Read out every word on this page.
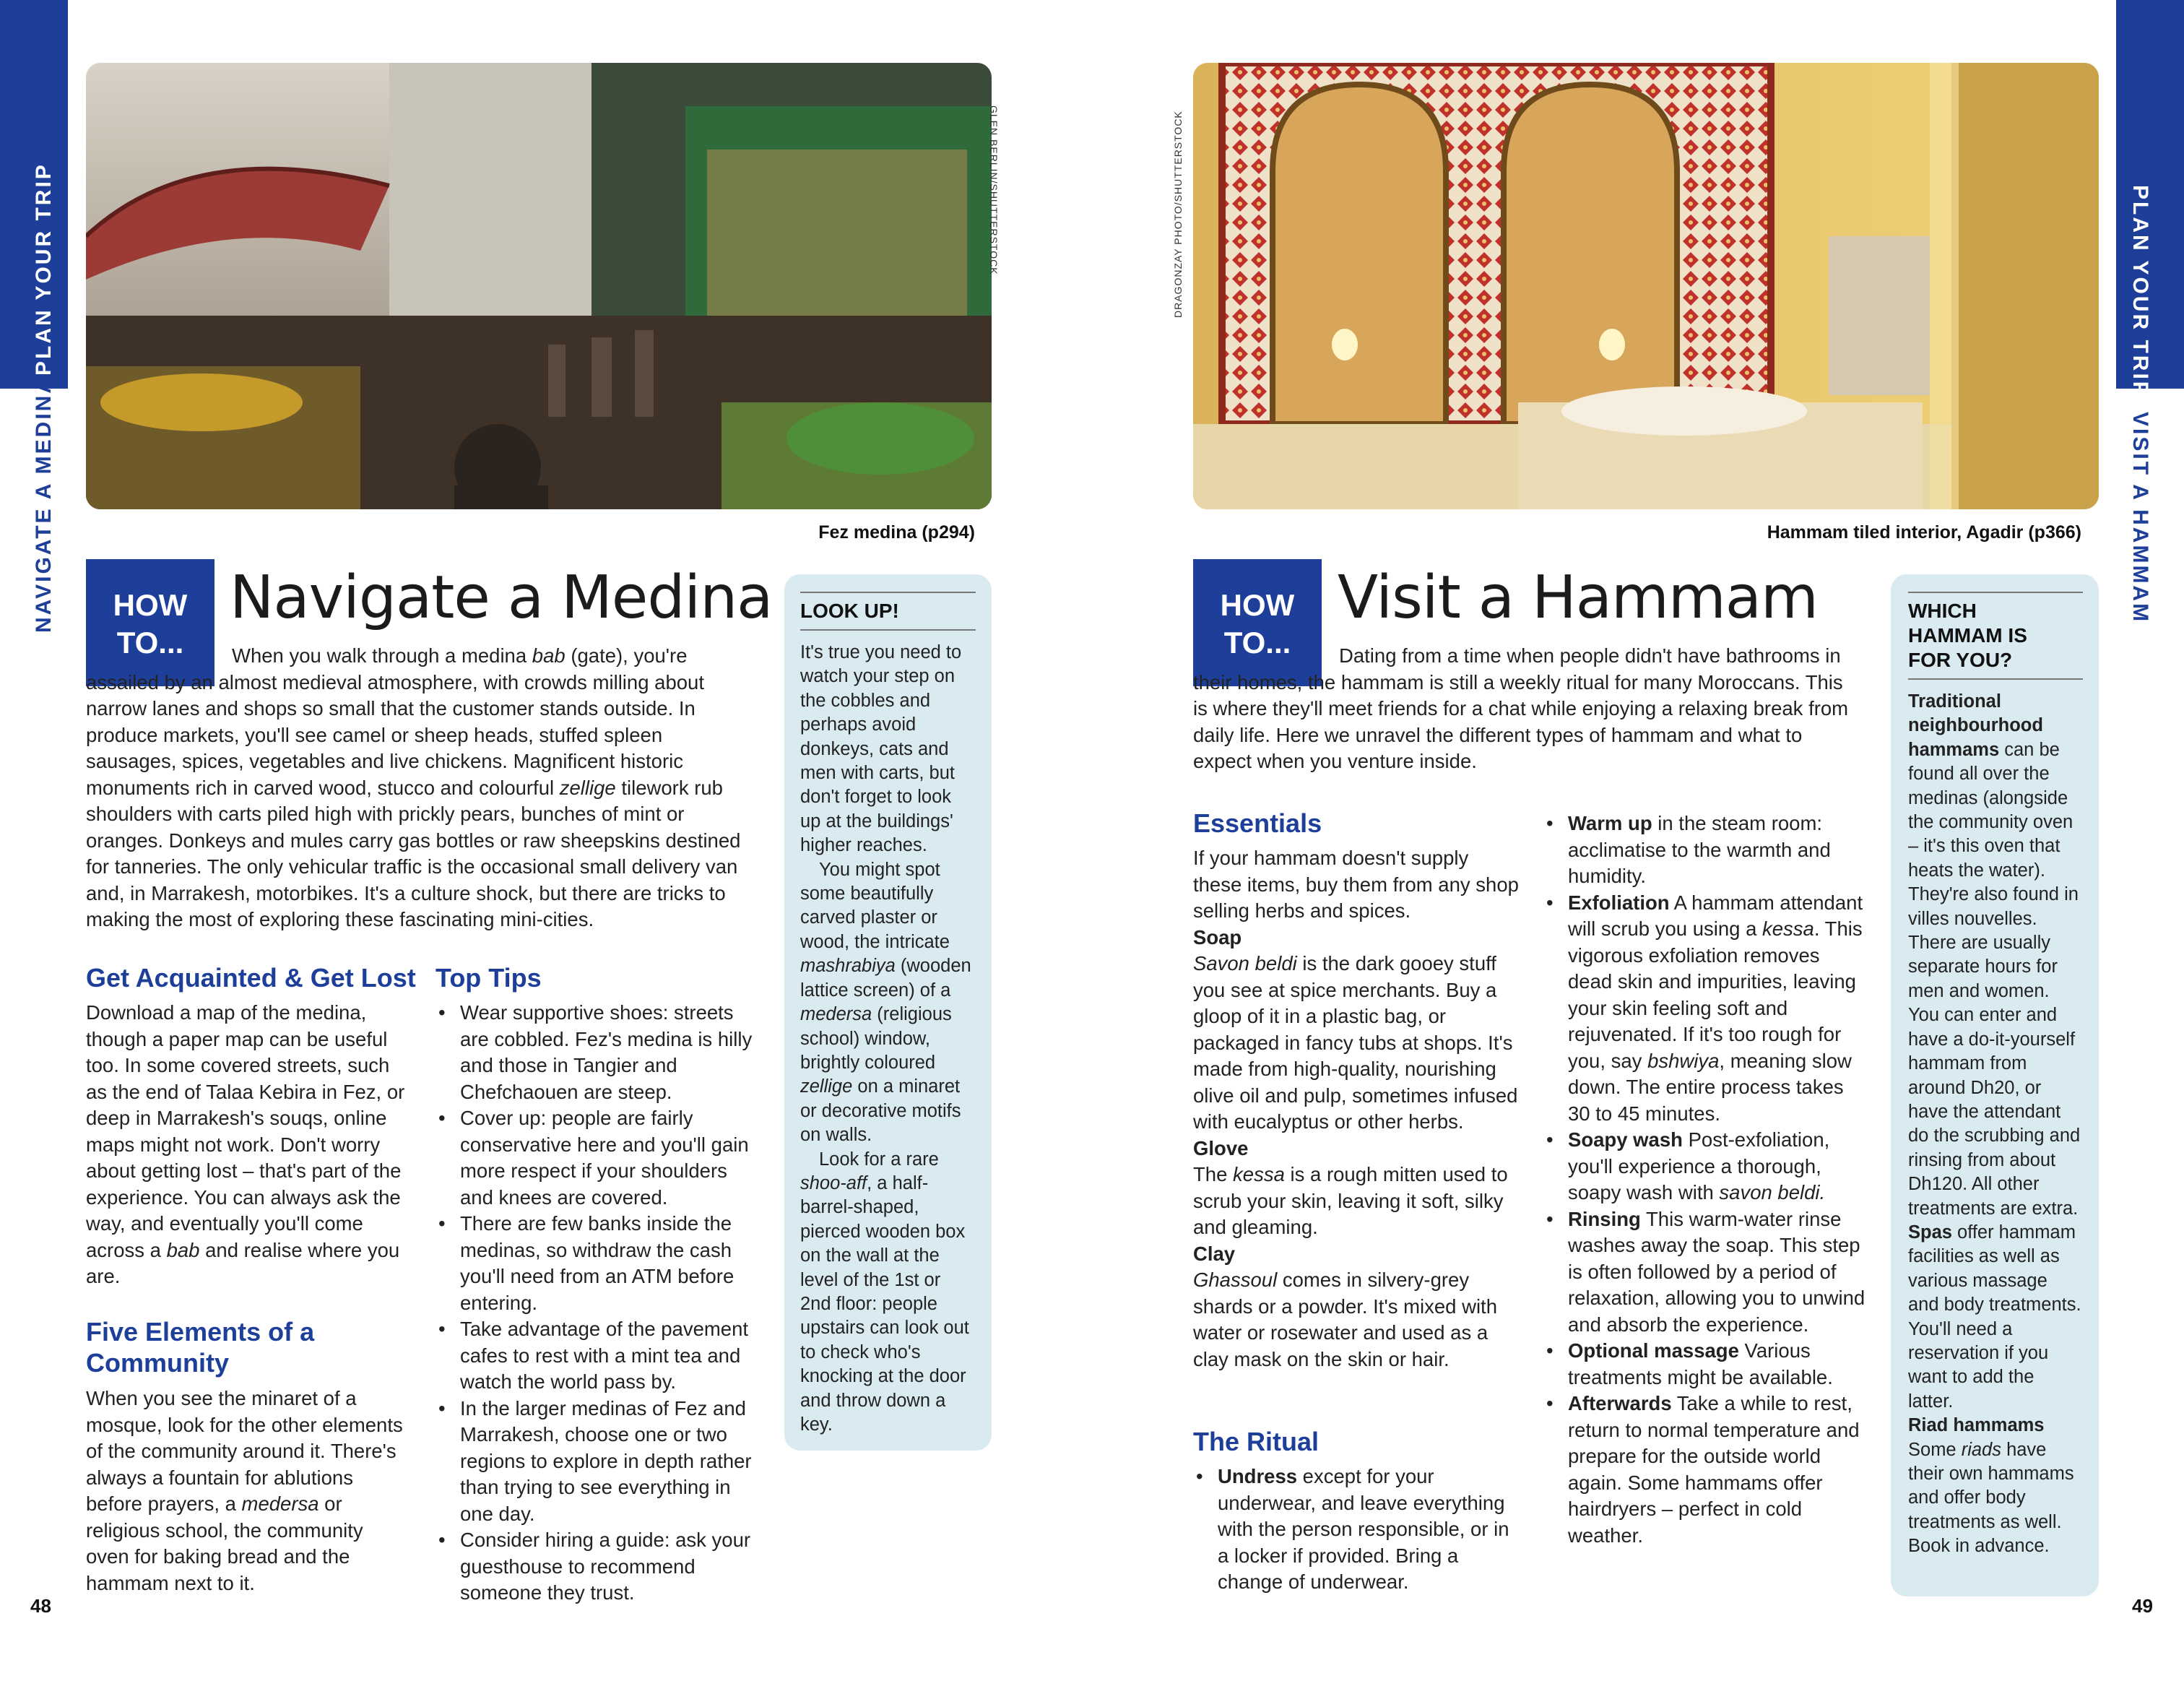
PLAN YOUR TRIP
NAVIGATE A MEDINA
GLEN BERLIN/SHUTTERSTOCK
Fez medina (p294)
HOW
TO...
Navigate a Medina

When you walk through a medina bab (gate), you're assailed by an almost medieval atmosphere, with crowds milling about narrow lanes and shops so small that the customer stands outside. In produce markets, you'll see camel or sheep heads, stuffed spleen sausages, spices, vegetables and live chickens. Magnificent historic monuments rich in carved wood, stucco and colourful zellige tilework rub shoulders with carts piled high with prickly pears, bunches of mint or oranges. Donkeys and mules carry gas bottles or raw sheepskins destined for tanneries. The only vehicular traffic is the occasional small delivery van and, in Marrakesh, motorbikes. It's a culture shock, but there are tricks to making the most of exploring these fascinating mini-cities.

Get Acquainted & Get Lost

Download a map of the medina, though a paper map can be useful too. In some covered streets, such as the end of Talaa Kebira in Fez, or deep in Marrakesh's souqs, online maps might not work. Don't worry about getting lost – that's part of the experience. You can always ask the way, and eventually you'll come across a bab and realise where you are.

Five Elements of a Community

When you see the minaret of a mosque, look for the other elements of the community around it. There's always a fountain for ablutions before prayers, a medersa or religious school, the community oven for baking bread and the hammam next to it.

Top Tips
• Wear supportive shoes: streets are cobbled. Fez's medina is hilly and those in Tangier and Chefchaouen are steep.
• Cover up: people are fairly conservative here and you'll gain more respect if your shoulders and knees are covered.
• There are few banks inside the medinas, so withdraw the cash you'll need from an ATM before entering.
• Take advantage of the pavement cafes to rest with a mint tea and watch the world pass by.
• In the larger medinas of Fez and Marrakesh, choose one or two regions to explore in depth rather than trying to see everything in one day.
• Consider hiring a guide: ask your guesthouse to recommend someone they trust.
LOOK UP!

It's true you need to watch your step on the cobbles and perhaps avoid donkeys, cats and men with carts, but don't forget to look up at the buildings' higher reaches.

You might spot some beautifully carved plaster or wood, the intricate mashrabiya (wooden lattice screen) of a medersa (religious school) window, brightly coloured zellige on a minaret or decorative motifs on walls.

Look for a rare shoo-aff, a half-barrel-shaped, pierced wooden box on the wall at the level of the 1st or 2nd floor: people upstairs can look out to check who's knocking at the door and throw down a key.

48
PLAN YOUR TRIP
VISIT A HAMMAM
DRAGONZAY PHOTO/SHUTTERSTOCK
Hammam tiled interior, Agadir (p366)
HOW
TO...
Visit a Hammam

Dating from a time when people didn't have bathrooms in their homes, the hammam is still a weekly ritual for many Moroccans. This is where they'll meet friends for a chat while enjoying a relaxing break from daily life. Here we unravel the different types of hammam and what to expect when you venture inside.

Essentials

If your hammam doesn't supply these items, buy them from any shop selling herbs and spices.

Soap

Savon beldi is the dark gooey stuff you see at spice merchants. Buy a gloop of it in a plastic bag, or packaged in fancy tubs at shops. It's made from high-quality, nourishing olive oil and pulp, sometimes infused with eucalyptus or other herbs.

Glove

The kessa is a rough mitten used to scrub your skin, leaving it soft, silky and gleaming.

Clay

Ghassoul comes in silvery-grey shards or a powder. It's mixed with water or rosewater and used as a clay mask on the skin or hair.

The Ritual
• Undress except for your underwear, and leave everything with the person responsible, or in a locker if provided. Bring a change of underwear.
• Warm up in the steam room: acclimatise to the warmth and humidity.
• Exfoliation A hammam attendant will scrub you using a kessa. This vigorous exfoliation removes dead skin and impurities, leaving your skin feeling soft and rejuvenated. If it's too rough for you, say bshwiya, meaning slow down. The entire process takes 30 to 45 minutes.
• Soapy wash Post-exfoliation, you'll experience a thorough, soapy wash with savon beldi.
• Rinsing This warm-water rinse washes away the soap. This step is often followed by a period of relaxation, allowing you to unwind and absorb the experience.
• Optional massage Various treatments might be available.
• Afterwards Take a while to rest, return to normal temperature and prepare for the outside world again. Some hammams offer hairdryers – perfect in cold weather.
WHICH HAMMAM IS FOR YOU?

Traditional neighbourhood hammams can be found all over the medinas (alongside the community oven – it's this oven that heats the water). They're also found in villes nouvelles. There are usually separate hours for men and women. You can enter and have a do-it-yourself hammam from around Dh20, or have the attendant do the scrubbing and rinsing from about Dh120. All other treatments are extra.

Spas offer hammam facilities as well as various massage and body treatments. You'll need a reservation if you want to add the latter.

Riad hammams Some riads have their own hammams and offer body treatments as well. Book in advance.

49
